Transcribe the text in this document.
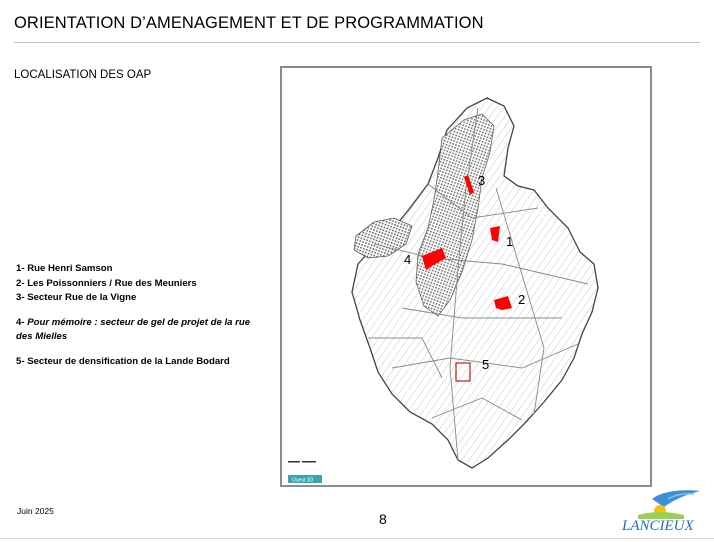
ORIENTATION D’AMENAGEMENT ET DE PROGRAMMATION
LOCALISATION DES OAP
1- Rue Henri Samson
2- Les Poissonniers / Rue des Meuniers
3- Secteur Rue de la Vigne
4- Pour mémoire : secteur de gel de projet de la rue des Mielles
5- Secteur de densification de la Lande Bodard
3
1
4
2
5
Ouest 3D
Juin 2025	8	LANCIEUX
